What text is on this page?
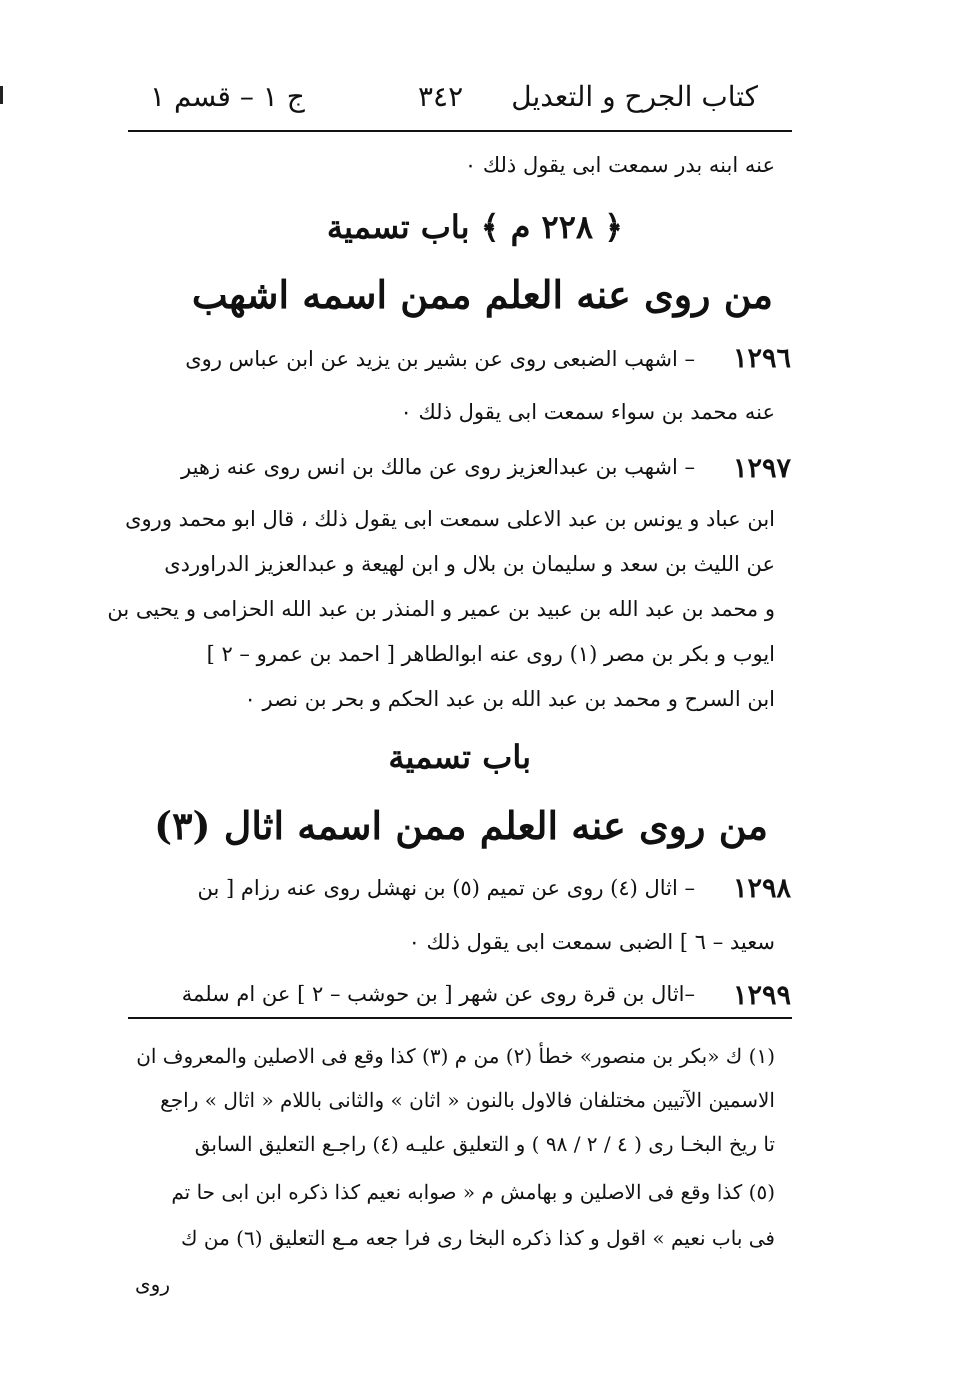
كتاب الجرح و التعديل
٣٤٢
ج ١ – قسم ١
عنه ابنه بدر سمعت ابى يقول ذلك ٠
﴿ ٢٢٨ م ﴾ باب تسمية
من روى عنه العلم ممن اسمه اشهب
١٢٩٦
– اشهب الضبعى روى عن بشير بن يزيد عن ابن عباس روى
عنه محمد بن سواء سمعت ابى يقول ذلك ٠
١٢٩٧
– اشهب بن عبدالعزيز روى عن مالك بن انس روى عنه زهير
ابن عباد و يونس بن عبد الاعلى سمعت ابى يقول ذلك ، قال ابو محمد وروى
عن الليث بن سعد و سليمان بن بلال و ابن لهيعة و عبدالعزيز الدراوردى
و محمد بن عبد الله بن عبيد بن عمير و المنذر بن عبد الله الحزامى و يحيى بن
ايوب و بكر بن مصر (١) روى عنه ابوالطاهر [ احمد بن عمرو – ٢ ]
ابن السرح و محمد بن عبد الله بن عبد الحكم و بحر بن نصر ٠
باب تسمية
من روى عنه العلم ممن اسمه اثال (٣)
١٢٩٨
– اثال (٤) روى عن تميم (٥) بن نهشل روى عنه رزام [ بن
سعيد – ٦ ] الضبى سمعت ابى يقول ذلك ٠
١٢٩٩
–اثال بن قرة روى عن شهر [ بن حوشب – ٢ ] عن ام سلمة
(١) ك «بكر بن منصور» خطأ (٢) من م (٣) كذا وقع فى الاصلين والمعروف ان
الاسمين الآتيين مختلفان فالاول بالنون « اثان » والثانى باللام « اثال » راجع
تا ريخ البخـا رى ( ٤ / ٢ / ٩٨ ) و التعليق عليـه (٤) راجـع التعليق السابق
(٥) كذا وقع فى الاصلين و بهامش م « صوابه نعيم كذا ذكره ابن ابى حا تم
فى باب نعيم » اقول و كذا ذكره البخا رى فرا جعه مـع التعليق (٦) من ك
روى
